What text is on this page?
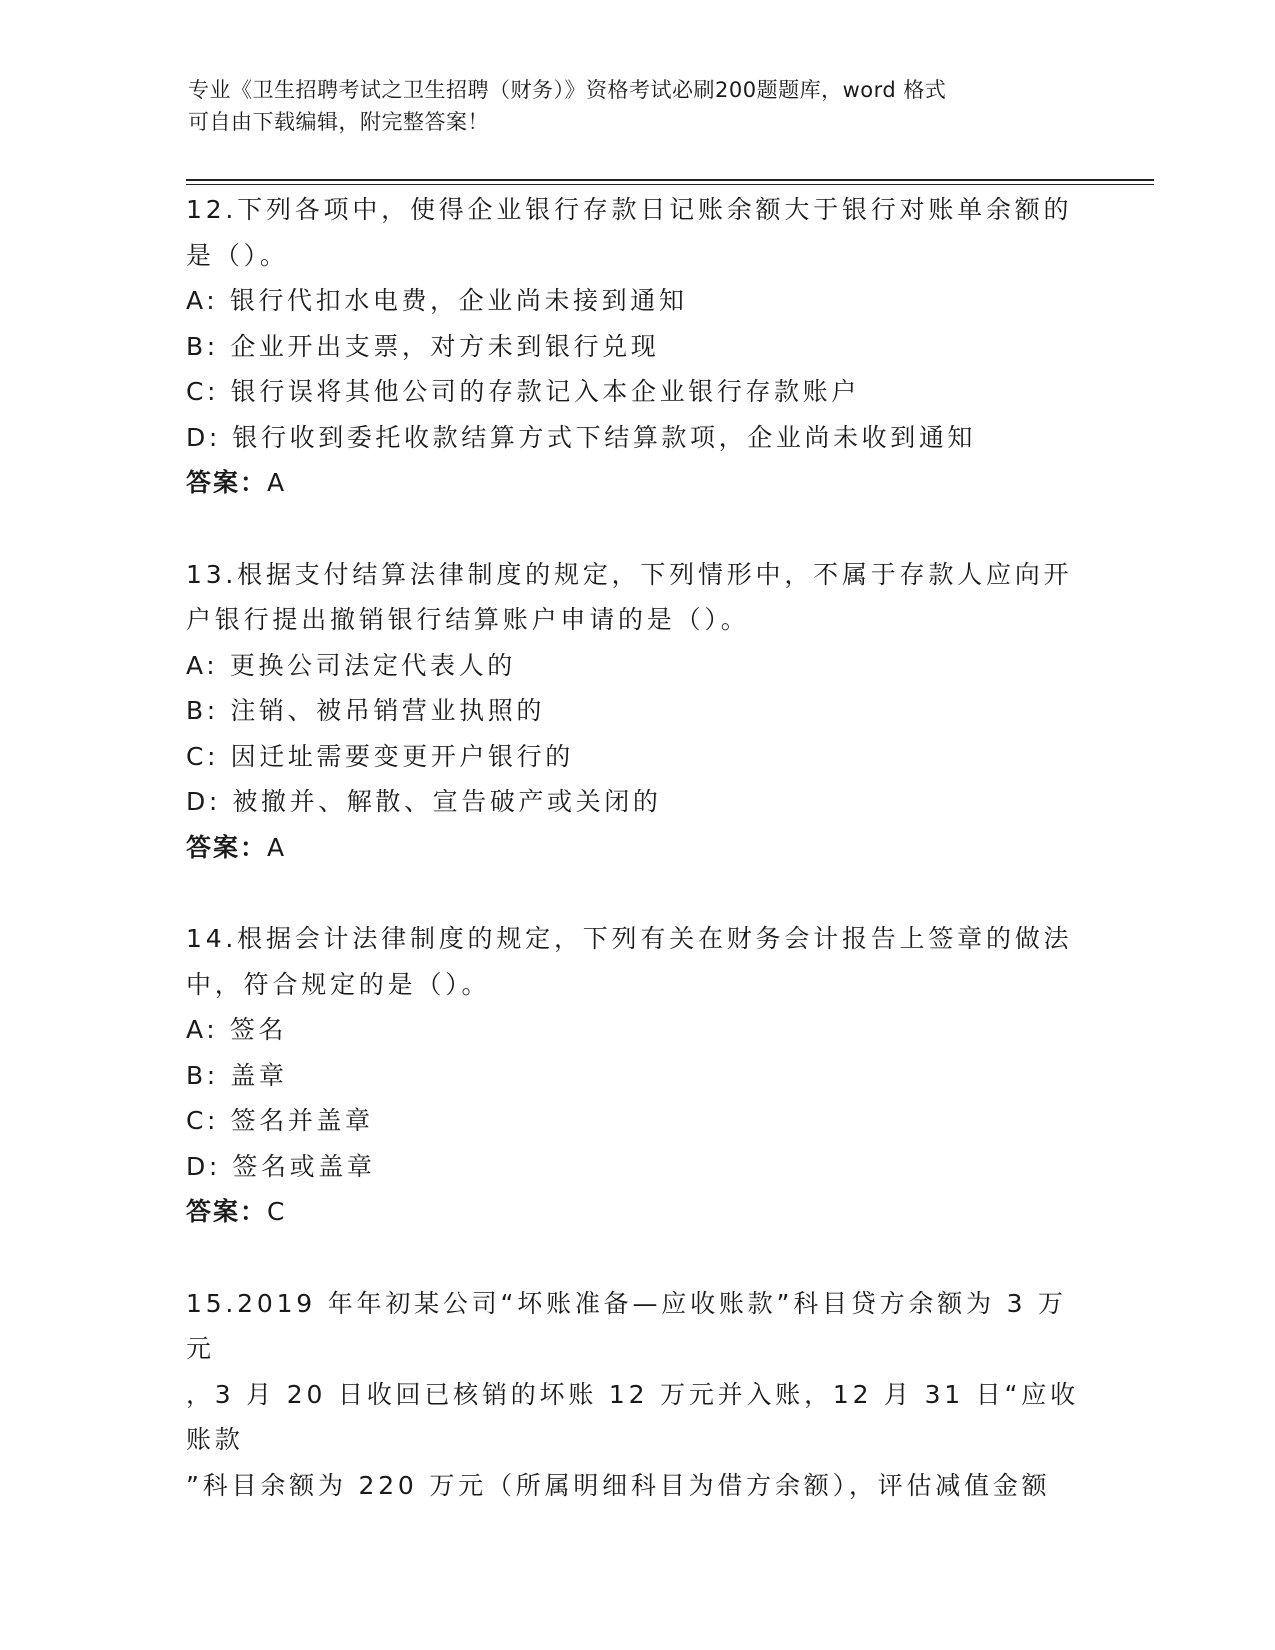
专业《卫生招聘考试之卫生招聘（财务）》资格考试必刷200题题库，word 格式
可自由下载编辑，附完整答案！
12.下列各项中，使得企业银行存款日记账余额大于银行对账单余额的
是（）。
A: 银行代扣水电费，企业尚未接到通知
B: 企业开出支票，对方未到银行兑现
C: 银行误将其他公司的存款记入本企业银行存款账户
D: 银行收到委托收款结算方式下结算款项，企业尚未收到通知
答案：A
13.根据支付结算法律制度的规定，下列情形中，不属于存款人应向开
户银行提出撤销银行结算账户申请的是（）。
A: 更换公司法定代表人的
B: 注销、被吊销营业执照的
C: 因迁址需要变更开户银行的
D: 被撤并、解散、宣告破产或关闭的
答案：A
14.根据会计法律制度的规定，下列有关在财务会计报告上签章的做法
中，符合规定的是（）。
A: 签名
B: 盖章
C: 签名并盖章
D: 签名或盖章
答案：C
15.2019 年年初某公司“坏账准备—应收账款”科目贷方余额为 3 万元
，3 月 20 日收回已核销的坏账 12 万元并入账，12 月 31 日“应收账款
”科目余额为 220 万元（所属明细科目为借方余额），评估减值金额
